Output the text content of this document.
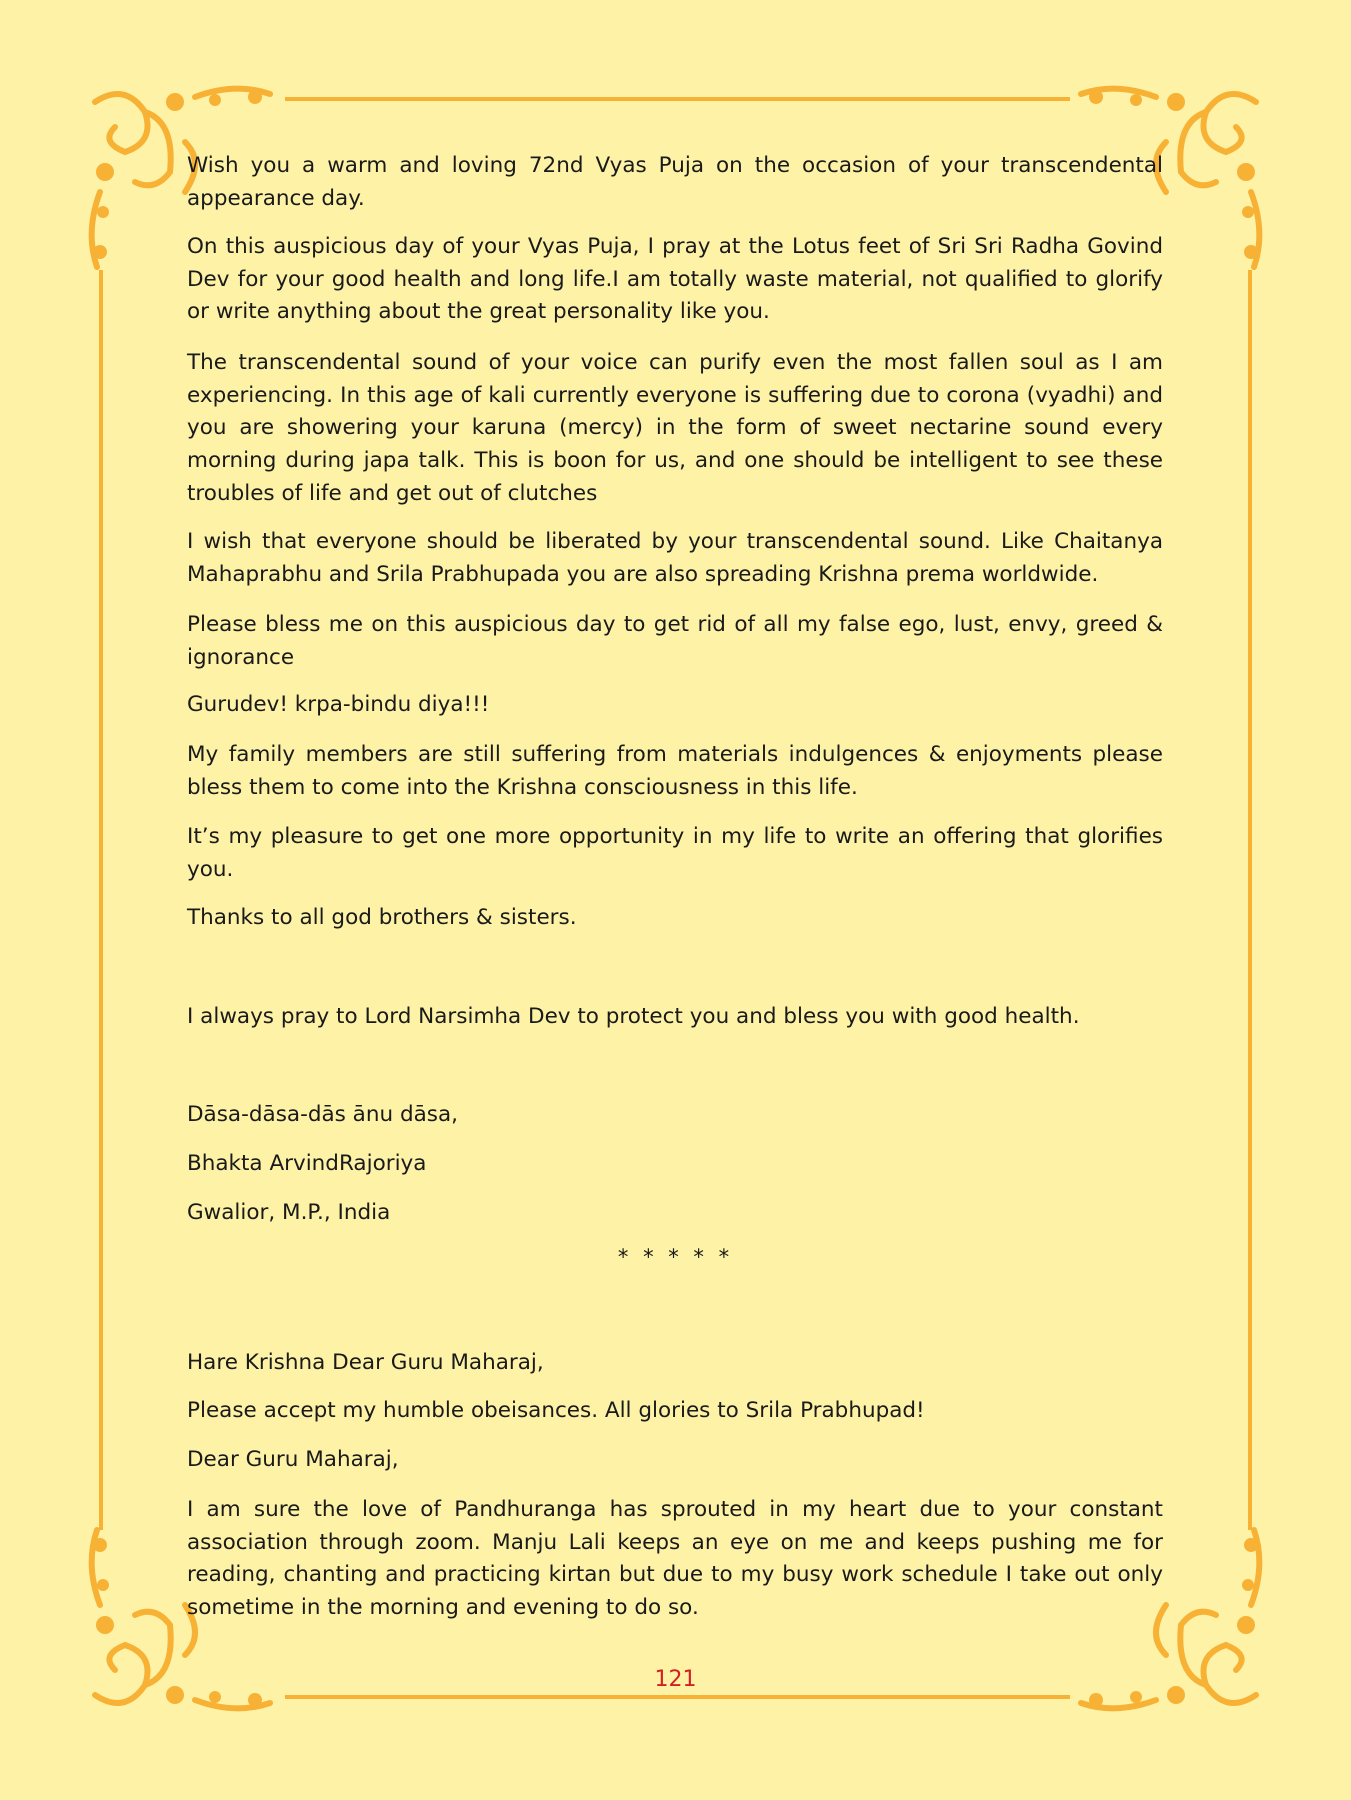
Wish you a warm and loving 72nd Vyas Puja on the occasion of your transcendental appearance day.

On this auspicious day of your Vyas Puja, I pray at the Lotus feet of Sri Sri Radha Govind Dev for your good health and long life.I am totally waste material, not qualified to glorify or write anything about the great personality like you.

The transcendental sound of your voice can purify even the most fallen soul as I am experiencing. In this age of kali currently everyone is suffering due to corona (vyadhi) and you are showering your karuna (mercy) in the form of sweet nectarine sound every morning during japa talk. This is boon for us, and one should be intelligent to see these troubles of life and get out of clutches

I wish that everyone should be liberated by your transcendental sound. Like Chaitanya Mahaprabhu and Srila Prabhupada you are also spreading Krishna prema worldwide.

Please bless me on this auspicious day to get rid of all my false ego, lust, envy, greed & ignorance

Gurudev! krpa-bindu diya!!!

My family members are still suffering from materials indulgences & enjoyments please bless them to come into the Krishna consciousness in this life.

It’s my pleasure to get one more opportunity in my life to write an offering that glorifies you.

Thanks to all god brothers & sisters.

I always pray to Lord Narsimha Dev to protect you and bless you with good health.

Dāsa-dāsa-dās ānu dāsa,

Bhakta ArvindRajoriya

Gwalior, M.P., India

* * * * *

Hare Krishna Dear Guru Maharaj,

Please accept my humble obeisances. All glories to Srila Prabhupad!

Dear Guru Maharaj,

I am sure the love of Pandhuranga has sprouted in my heart due to your constant association through zoom. Manju Lali keeps an eye on me and keeps pushing me for reading, chanting and practicing kirtan but due to my busy work schedule I take out only sometime in the morning and evening to do so.

121
